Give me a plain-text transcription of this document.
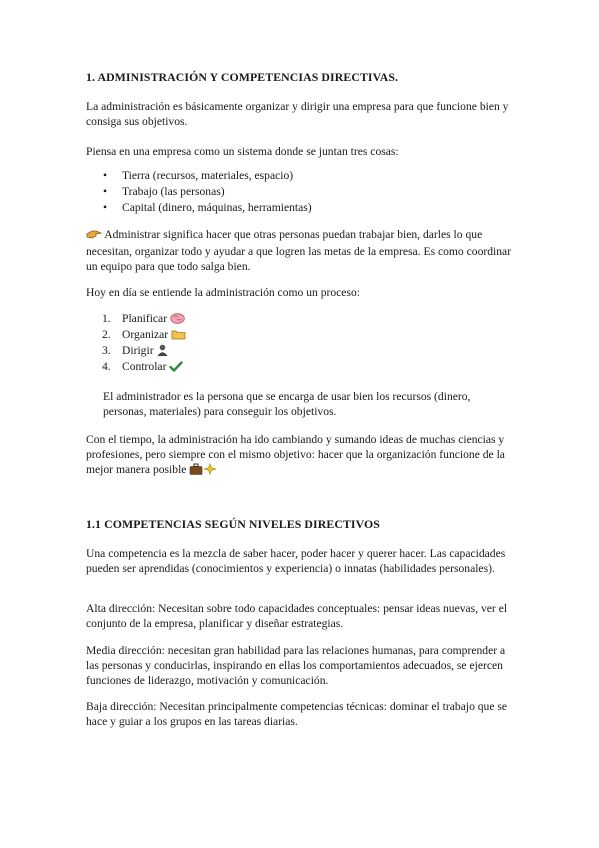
1. ADMINISTRACIÓN Y COMPETENCIAS DIRECTIVAS.

La administración es básicamente organizar y dirigir una empresa para que funcione bien y consiga sus objetivos.

Piensa en una empresa como un sistema donde se juntan tres cosas:

• Tierra (recursos, materiales, espacio)
• Trabajo (las personas)
• Capital (dinero, máquinas, herramientas)

Administrar significa hacer que otras personas puedan trabajar bien, darles lo que necesitan, organizar todo y ayudar a que logren las metas de la empresa. Es como coordinar un equipo para que todo salga bien.

Hoy en día se entiende la administración como un proceso:

1. Planificar
2. Organizar
3. Dirigir
4. Controlar

El administrador es la persona que se encarga de usar bien los recursos (dinero, personas, materiales) para conseguir los objetivos.

Con el tiempo, la administración ha ido cambiando y sumando ideas de muchas ciencias y profesiones, pero siempre con el mismo objetivo: hacer que la organización funcione de la mejor manera posible

1.1 COMPETENCIAS SEGÚN NIVELES DIRECTIVOS

Una competencia es la mezcla de saber hacer, poder hacer y querer hacer. Las capacidades pueden ser aprendidas (conocimientos y experiencia) o innatas (habilidades personales).

Alta dirección: Necesitan sobre todo capacidades conceptuales: pensar ideas nuevas, ver el conjunto de la empresa, planificar y diseñar estrategias.

Media dirección: necesitan gran habilidad para las relaciones humanas, para comprender a las personas y conducirlas, inspirando en ellas los comportamientos adecuados, se ejercen funciones de liderazgo, motivación y comunicación.

Baja dirección: Necesitan principalmente competencias técnicas: dominar el trabajo que se hace y guiar a los grupos en las tareas diarias.
